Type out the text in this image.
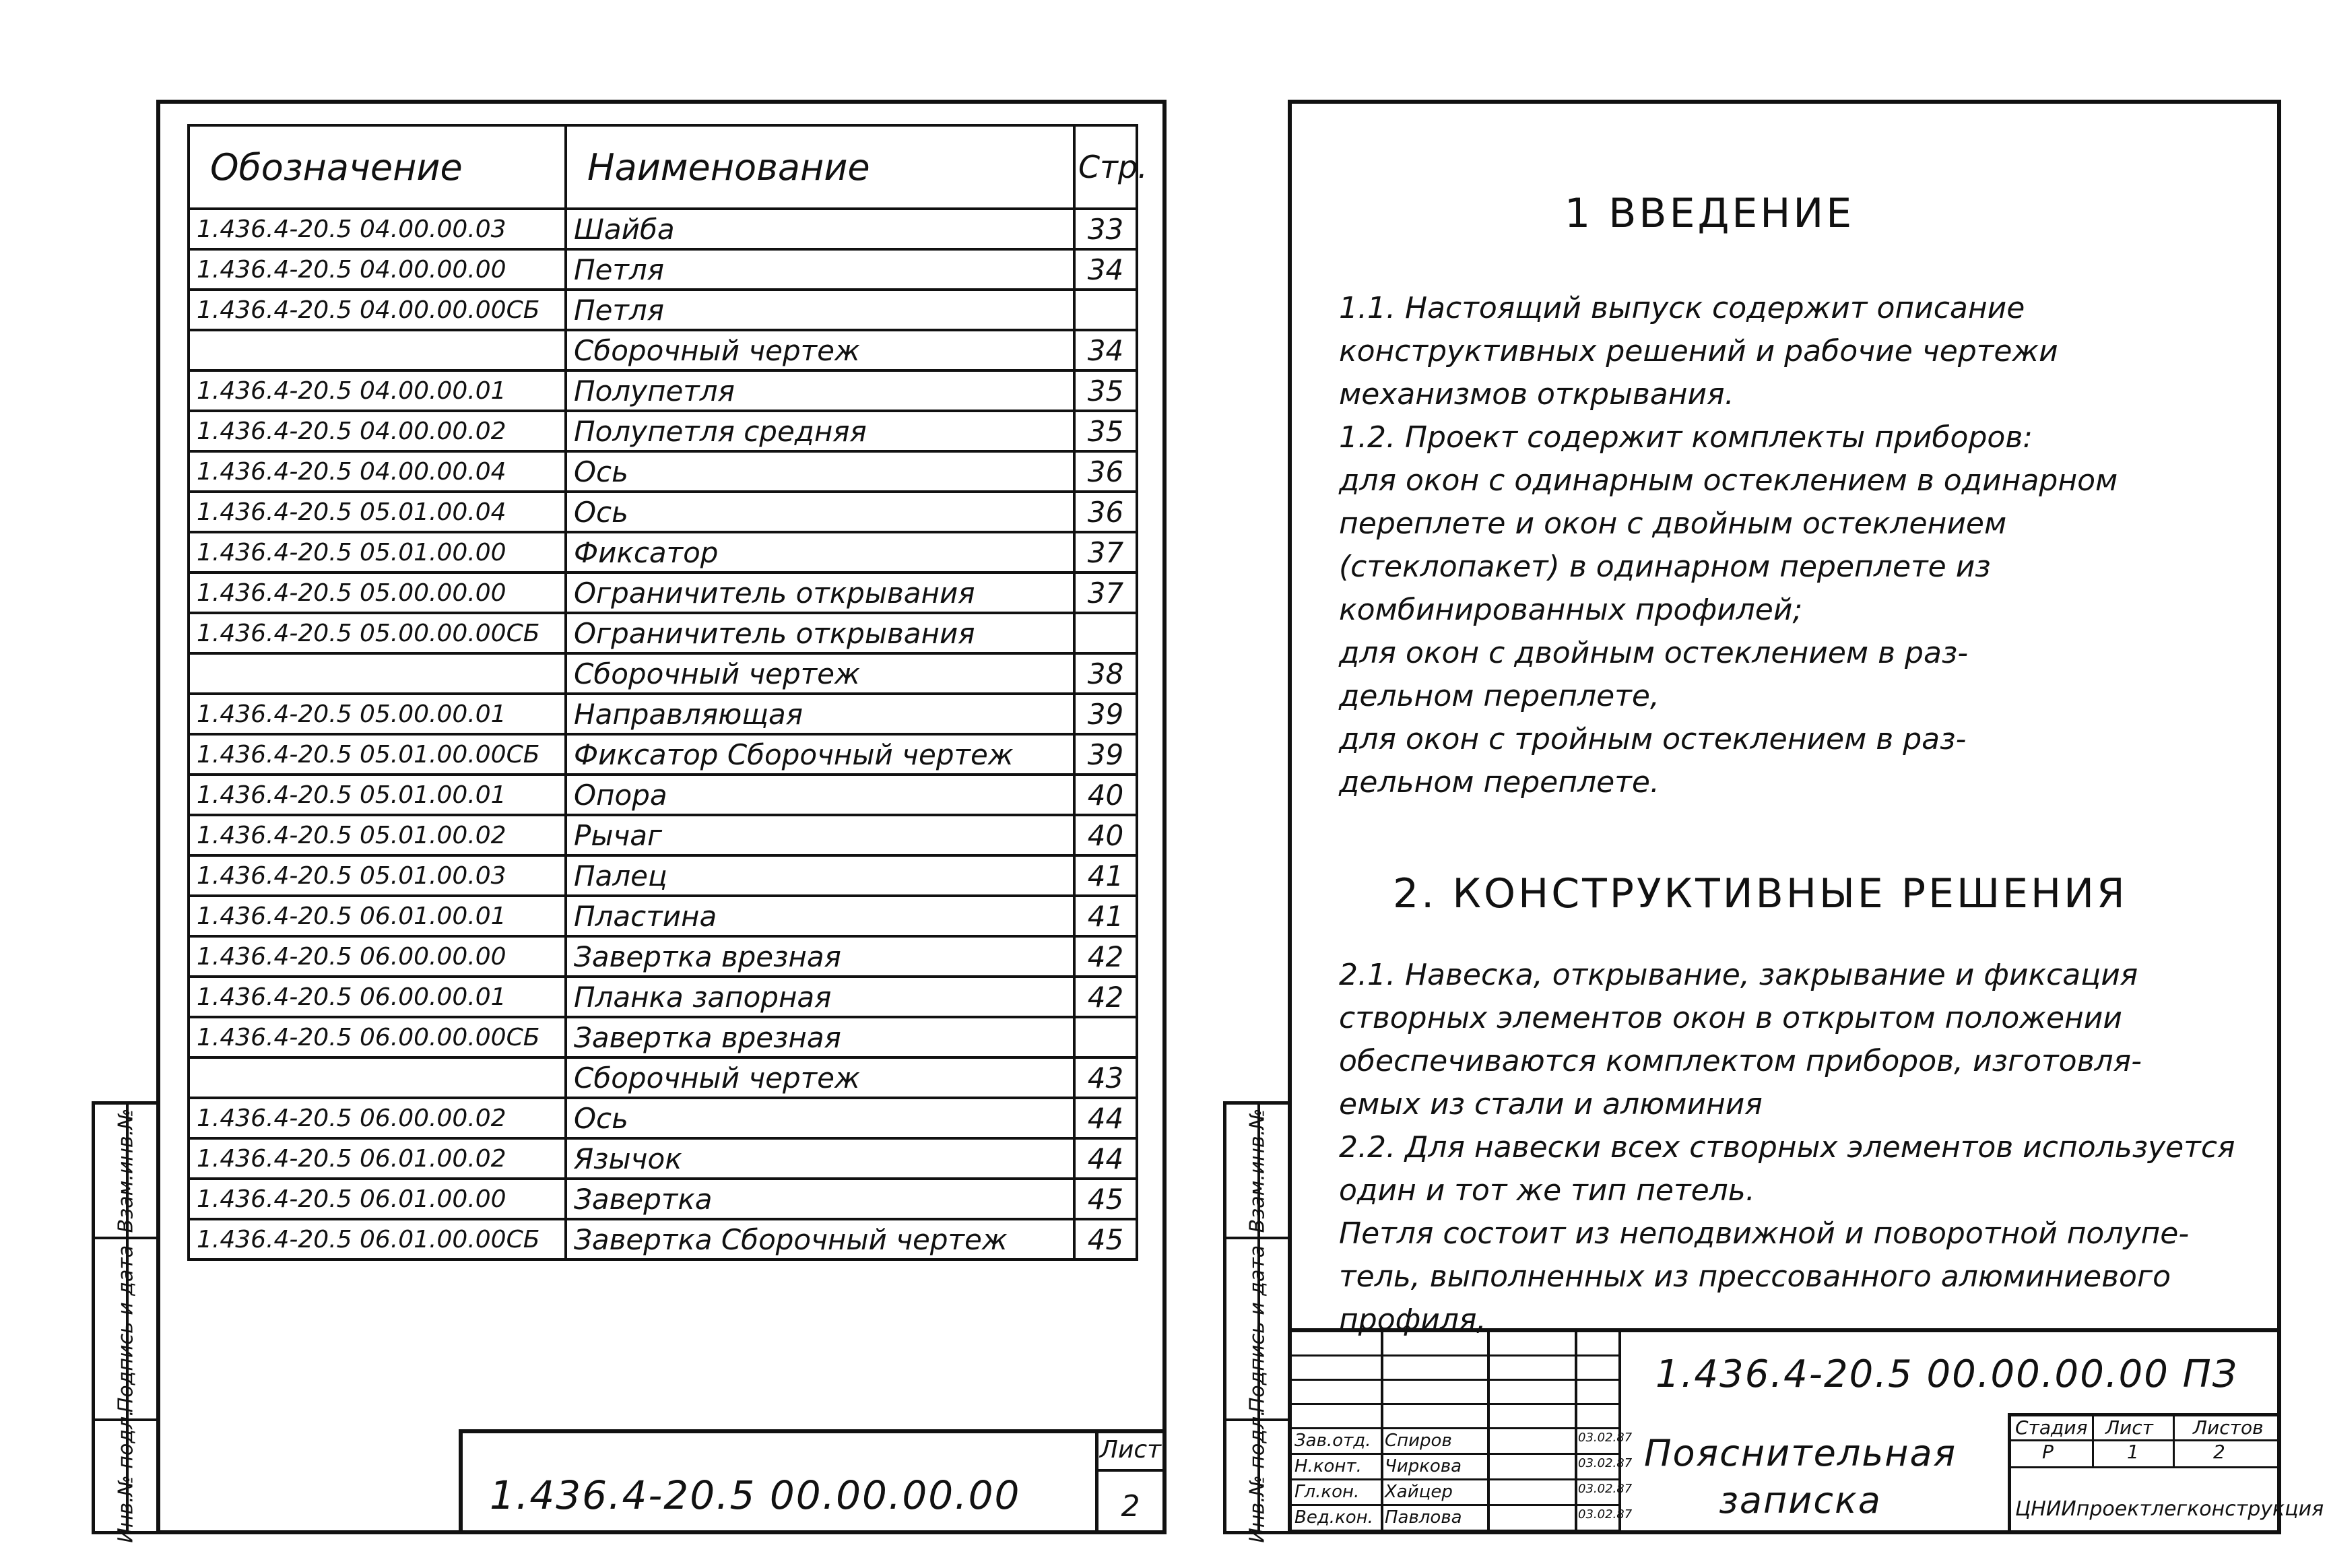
Обозначение	Наименование	Стр.
1.436.4-20.5 04.00.00.03	Шайба	33
1.436.4-20.5 04.00.00.00	Петля	34
1.436.4-20.5 04.00.00.00СБ	Петля	
	Сборочный чертеж	34
1.436.4-20.5 04.00.00.01	Полупетля	35
1.436.4-20.5 04.00.00.02	Полупетля средняя	35
1.436.4-20.5 04.00.00.04	Ось	36
1.436.4-20.5 05.01.00.04	Ось	36
1.436.4-20.5 05.01.00.00	Фиксатор	37
1.436.4-20.5 05.00.00.00	Ограничитель открывания	37
1.436.4-20.5 05.00.00.00СБ	Ограничитель открывания	
	Сборочный чертеж	38
1.436.4-20.5 05.00.00.01	Направляющая	39
1.436.4-20.5 05.01.00.00СБ	Фиксатор Сборочный чертеж	39
1.436.4-20.5 05.01.00.01	Опора	40
1.436.4-20.5 05.01.00.02	Рычаг	40
1.436.4-20.5 05.01.00.03	Палец	41
1.436.4-20.5 06.01.00.01	Пластина	41
1.436.4-20.5 06.00.00.00	Завертка врезная	42
1.436.4-20.5 06.00.00.01	Планка запорная	42
1.436.4-20.5 06.00.00.00СБ	Завертка врезная	
	Сборочный чертеж	43
1.436.4-20.5 06.00.00.02	Ось	44
1.436.4-20.5 06.01.00.02	Язычок	44
1.436.4-20.5 06.01.00.00	Завертка	45
1.436.4-20.5 06.01.00.00СБ	Завертка Сборочный чертеж	45
1.436.4-20.5 00.00.00.00
Лист
2
Взам.инв.№
Подпись и дата
Инв.№ подл.
Взам.инв.№
Подпись и дата
Инв.№ подл.
1 ВВЕДЕНИЕ

1.1. Настоящий выпуск содержит описание
конструктивных решений и рабочие чертежи
механизмов открывания.
1.2. Проект содержит комплекты приборов:
для окон с одинарным остеклением в одинарном
переплете и окон с двойным остеклением
(стеклопакет) в одинарном переплете из
комбинированных профилей;
для окон с двойным остеклением в раз-
дельном переплете,
для окон с тройным остеклением в раз-
дельном переплете.

2. КОНСТРУКТИВНЫЕ РЕШЕНИЯ

2.1. Навеска, открывание, закрывание и фиксация
створных элементов окон в открытом положении
обеспечиваются комплектом приборов, изготовля-
емых из стали и алюминия
2.2. Для навески всех створных элементов используется
один и тот же тип петель.
Петля состоит из неподвижной и поворотной полупе-
тель, выполненных из прессованного алюминиевого профиля,

Зав.отд. Спиров	03.02.87
Н.конт. Чиркова	03.02.87
Гл.кон. Хайцер	03.02.87
Вед.кон. Павлова	03.02.87
1.436.4-20.5 00.00.00.00 ПЗ
Пояснительная записка
Стадия Лист Листов
Р	1	2
ЦНИИпроектлегконструкция
